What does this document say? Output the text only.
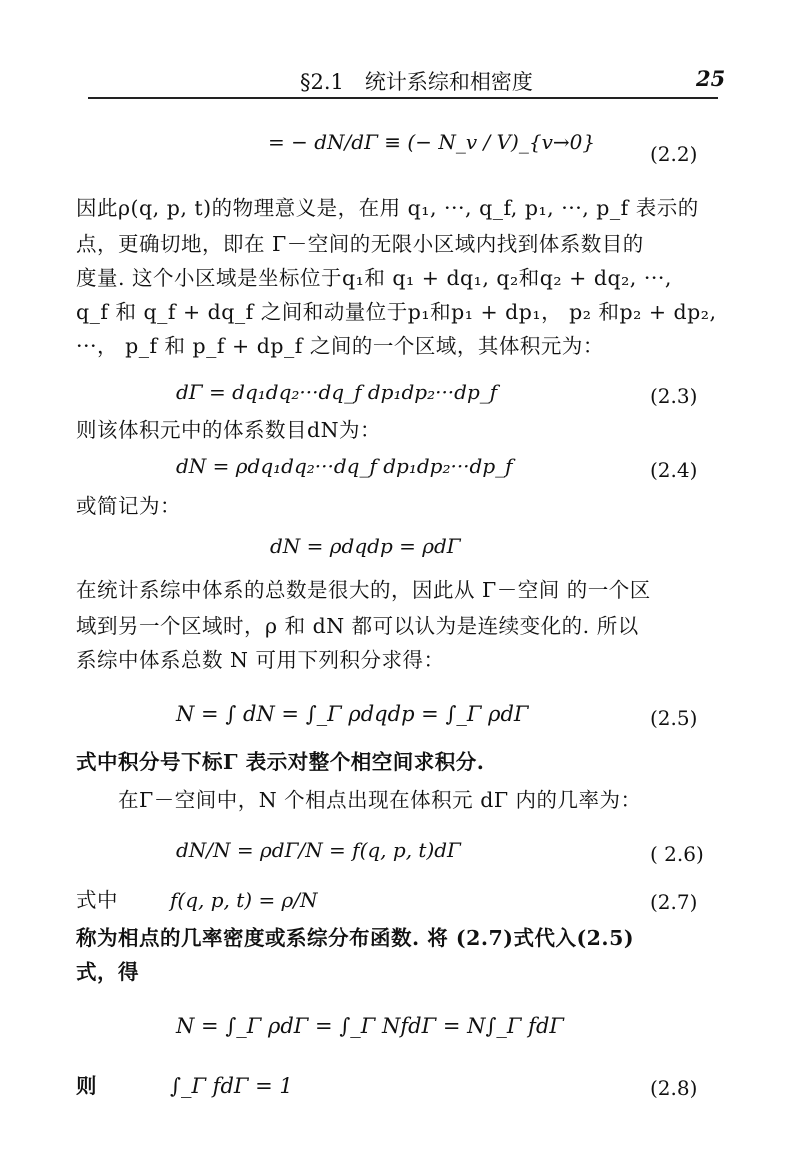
§2.1　统计系综和相密度	25
= − dN/dΓ ≡ (− N_v / V)_{v→0}	(2.2)
因此ρ(q, p, t)的物理意义是，在用 q₁, ···, q_f, p₁, ···, p_f 表示的
点，更确切地，即在 Γ－空间的无限小区域内找到体系数目的
度量. 这个小区域是坐标位于q₁和 q₁ + dq₁, q₂和q₂ + dq₂, ···,
q_f 和 q_f + dq_f 之间和动量位于p₁和p₁ + dp₁， p₂ 和p₂ + dp₂,
···， p_f 和 p_f + dp_f 之间的一个区域，其体积元为：
dΓ = dq₁dq₂···dq_f dp₁dp₂···dp_f	(2.3)
则该体积元中的体系数目dN为：
dN = ρdq₁dq₂···dq_f dp₁dp₂···dp_f	(2.4)
或简记为：
dN = ρdqdp = ρdΓ
在统计系综中体系的总数是很大的，因此从 Γ－空间 的一个区
域到另一个区域时，ρ 和 dN 都可以认为是连续变化的. 所以
系综中体系总数 N 可用下列积分求得：
N = ∫ dN = ∫_Γ ρdqdp = ∫_Γ ρdΓ	(2.5)
式中积分号下标Γ 表示对整个相空间求积分.
在Γ－空间中，N 个相点出现在体积元 dΓ 内的几率为：
dN/N = ρdΓ/N = f(q, p, t)dΓ	( 2.6)
式中	f(q, p, t) = ρ/N	(2.7)
称为相点的几率密度或系综分布函数. 将 (2.7)式代入(2.5)
式，得
N = ∫_Γ ρdΓ = ∫_Γ NfdΓ = N∫_Γ fdΓ
则	∫_Γ fdΓ = 1	(2.8)
